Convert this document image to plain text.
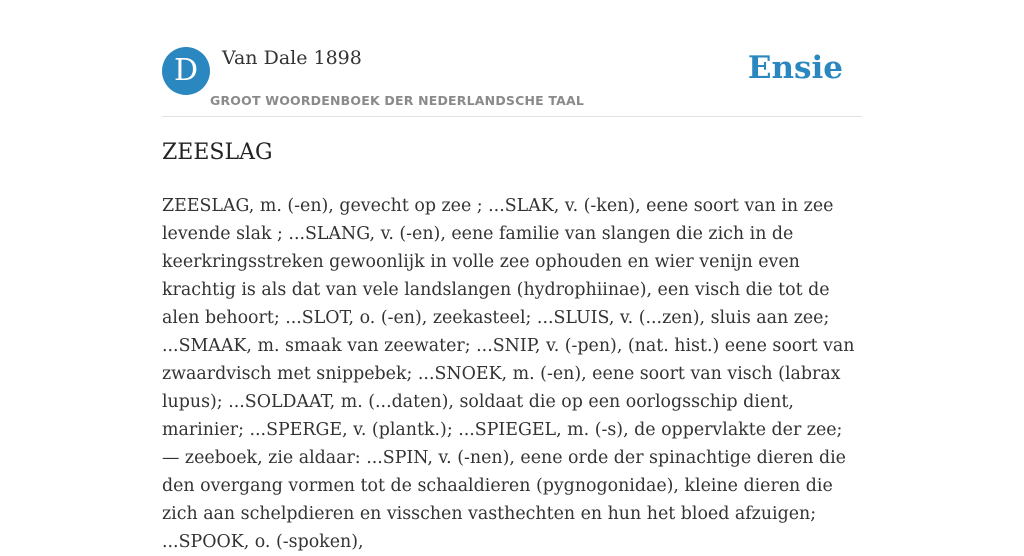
D	Van Dale 1898
GROOT WOORDENBOEK DER NEDERLANDSCHE TAAL
Ensie
ZEESLAG

ZEESLAG, m. (-en), gevecht op zee ; ...SLAK, v. (-ken), eene soort van in zee levende slak ; ...SLANG, v. (-en), eene familie van slangen die zich in de keerkringsstreken gewoonlijk in volle zee ophouden en wier venijn even krachtig is als dat van vele landslangen (hydrophiinae), een visch die tot de alen behoort; ...SLOT, o. (-en), zeekasteel; ...SLUIS, v. (...zen), sluis aan zee; ...SMAAK, m. smaak van zeewater; ...SNIP, v. (-pen), (nat. hist.) eene soort van zwaardvisch met snippebek; ...SNOEK, m. (-en), eene soort van visch (labrax lupus); ...SOLDAAT, m. (...daten), soldaat die op een oorlogsschip dient, marinier; ...SPERGE, v. (plantk.); ...SPIEGEL, m. (-s), de oppervlakte der zee; — zeeboek, zie aldaar: ...SPIN, v. (-nen), eene orde der spinachtige dieren die den overgang vormen tot de schaaldieren (pygnogonidae), kleine dieren die zich aan schelpdieren en visschen vasthechten en hun het bloed afzuigen; ...SPOOK, o. (-spoken),
